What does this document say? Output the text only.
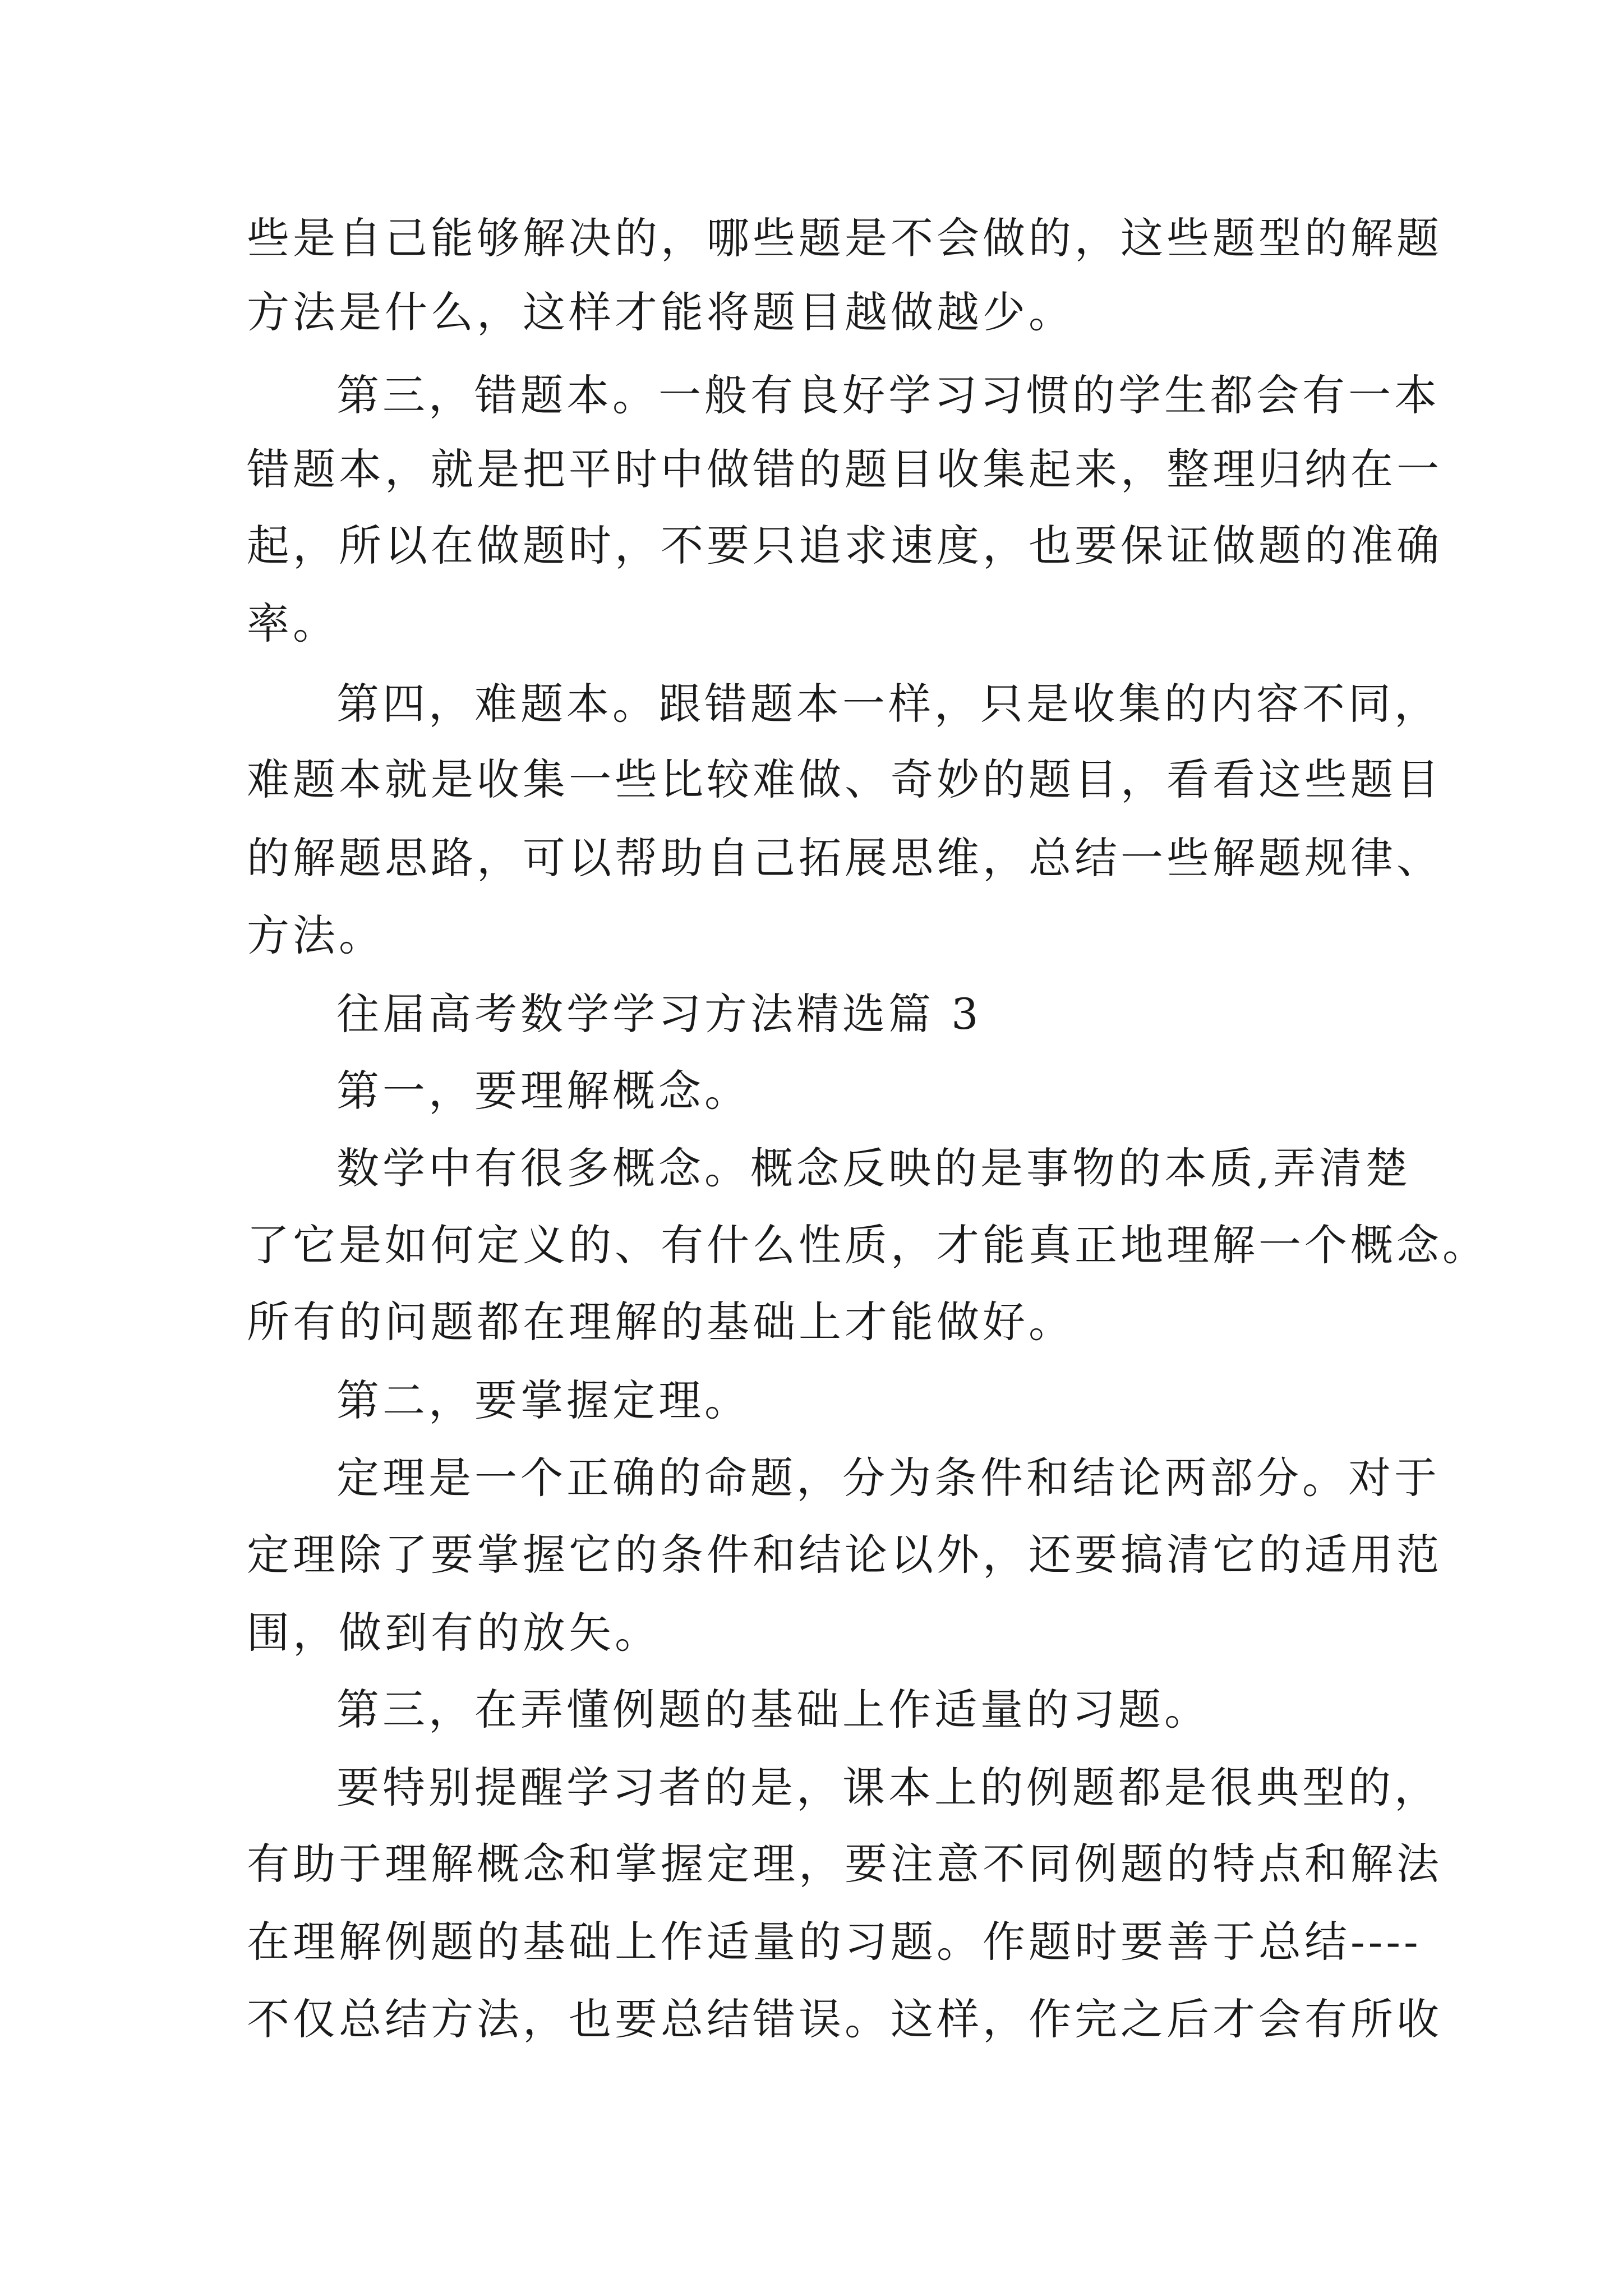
些是自己能够解决的，哪些题是不会做的，这些题型的解题
方法是什么，这样才能将题目越做越少。
第三，错题本。一般有良好学习习惯的学生都会有一本
错题本，就是把平时中做错的题目收集起来，整理归纳在一
起，所以在做题时，不要只追求速度，也要保证做题的准确
率。
第四，难题本。跟错题本一样，只是收集的内容不同，
难题本就是收集一些比较难做、奇妙的题目，看看这些题目
的解题思路，可以帮助自己拓展思维，总结一些解题规律、
方法。
往届高考数学学习方法精选篇 3
第一，要理解概念。
数学中有很多概念。概念反映的是事物的本质,弄清楚
了它是如何定义的、有什么性质，才能真正地理解一个概念。
所有的问题都在理解的基础上才能做好。
第二，要掌握定理。
定理是一个正确的命题，分为条件和结论两部分。对于
定理除了要掌握它的条件和结论以外，还要搞清它的适用范
围，做到有的放矢。
第三，在弄懂例题的基础上作适量的习题。
要特别提醒学习者的是，课本上的例题都是很典型的，
有助于理解概念和掌握定理，要注意不同例题的特点和解法
在理解例题的基础上作适量的习题。作题时要善于总结----
不仅总结方法，也要总结错误。这样，作完之后才会有所收
